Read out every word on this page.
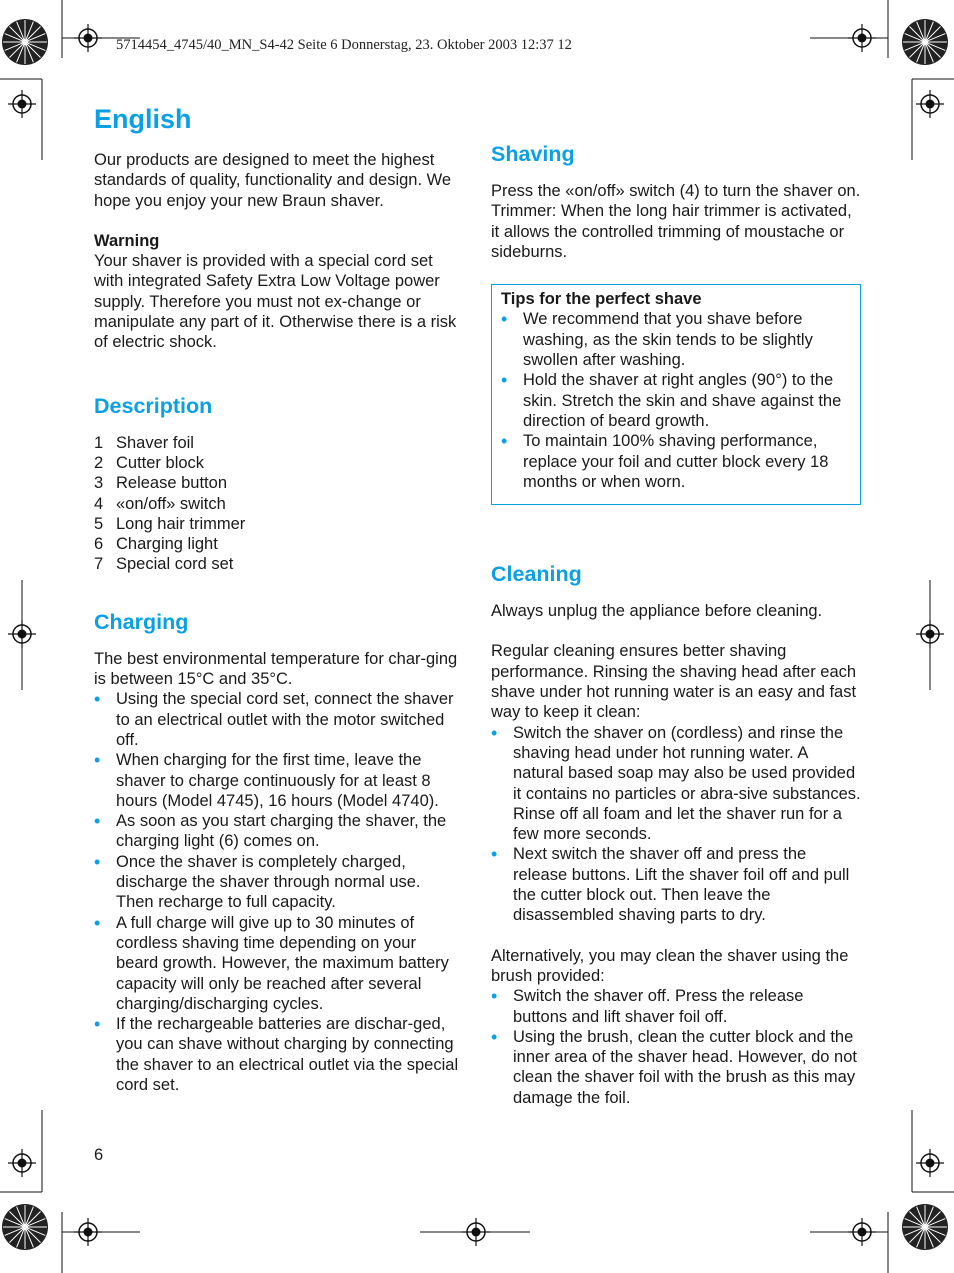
5714454_4745/40_MN_S4-42 Seite 6 Donnerstag, 23. Oktober 2003 12:37 12
English

Our products are designed to meet the highest standards of quality, functionality and design. We hope you enjoy your new Braun shaver.

Warning

Your shaver is provided with a special cord set with integrated Safety Extra Low Voltage power supply. Therefore you must not ex-change or manipulate any part of it. Otherwise there is a risk of electric shock.

Description
1 Shaver foil
2 Cutter block
3 Release button
4 «on/off» switch
5 Long hair trimmer
6 Charging light
7 Special cord set
Charging

The best environmental temperature for char-ging is between 15°C and 35°C.

• Using the special cord set, connect the shaver to an electrical outlet with the motor switched off.
• When charging for the first time, leave the shaver to charge continuously for at least 8 hours (Model 4745), 16 hours (Model 4740).
• As soon as you start charging the shaver, the charging light (6) comes on.
• Once the shaver is completely charged, discharge the shaver through normal use. Then recharge to full capacity.
• A full charge will give up to 30 minutes of cordless shaving time depending on your beard growth. However, the maximum battery capacity will only be reached after several charging/discharging cycles.
• If the rechargeable batteries are dischar-ged, you can shave without charging by connecting the shaver to an electrical outlet via the special cord set.
6
Shaving

Press the «on/off» switch (4) to turn the shaver on.

Trimmer: When the long hair trimmer is activated, it allows the controlled trimming of moustache or sideburns.

Tips for the perfect shave
• We recommend that you shave before washing, as the skin tends to be slightly swollen after washing.
• Hold the shaver at right angles (90°) to the skin. Stretch the skin and shave against the direction of beard growth.
• To maintain 100% shaving performance, replace your foil and cutter block every 18 months or when worn.
Cleaning

Always unplug the appliance before cleaning.

Regular cleaning ensures better shaving performance. Rinsing the shaving head after each shave under hot running water is an easy and fast way to keep it clean:

• Switch the shaver on (cordless) and rinse the shaving head under hot running water. A natural based soap may also be used provided it contains no particles or abra-sive substances. Rinse off all foam and let the shaver run for a few more seconds.
• Next switch the shaver off and press the release buttons. Lift the shaver foil off and pull the cutter block out. Then leave the disassembled shaving parts to dry.

Alternatively, you may clean the shaver using the brush provided:

• Switch the shaver off. Press the release buttons and lift shaver foil off.
• Using the brush, clean the cutter block and the inner area of the shaver head. However, do not clean the shaver foil with the brush as this may damage the foil.
